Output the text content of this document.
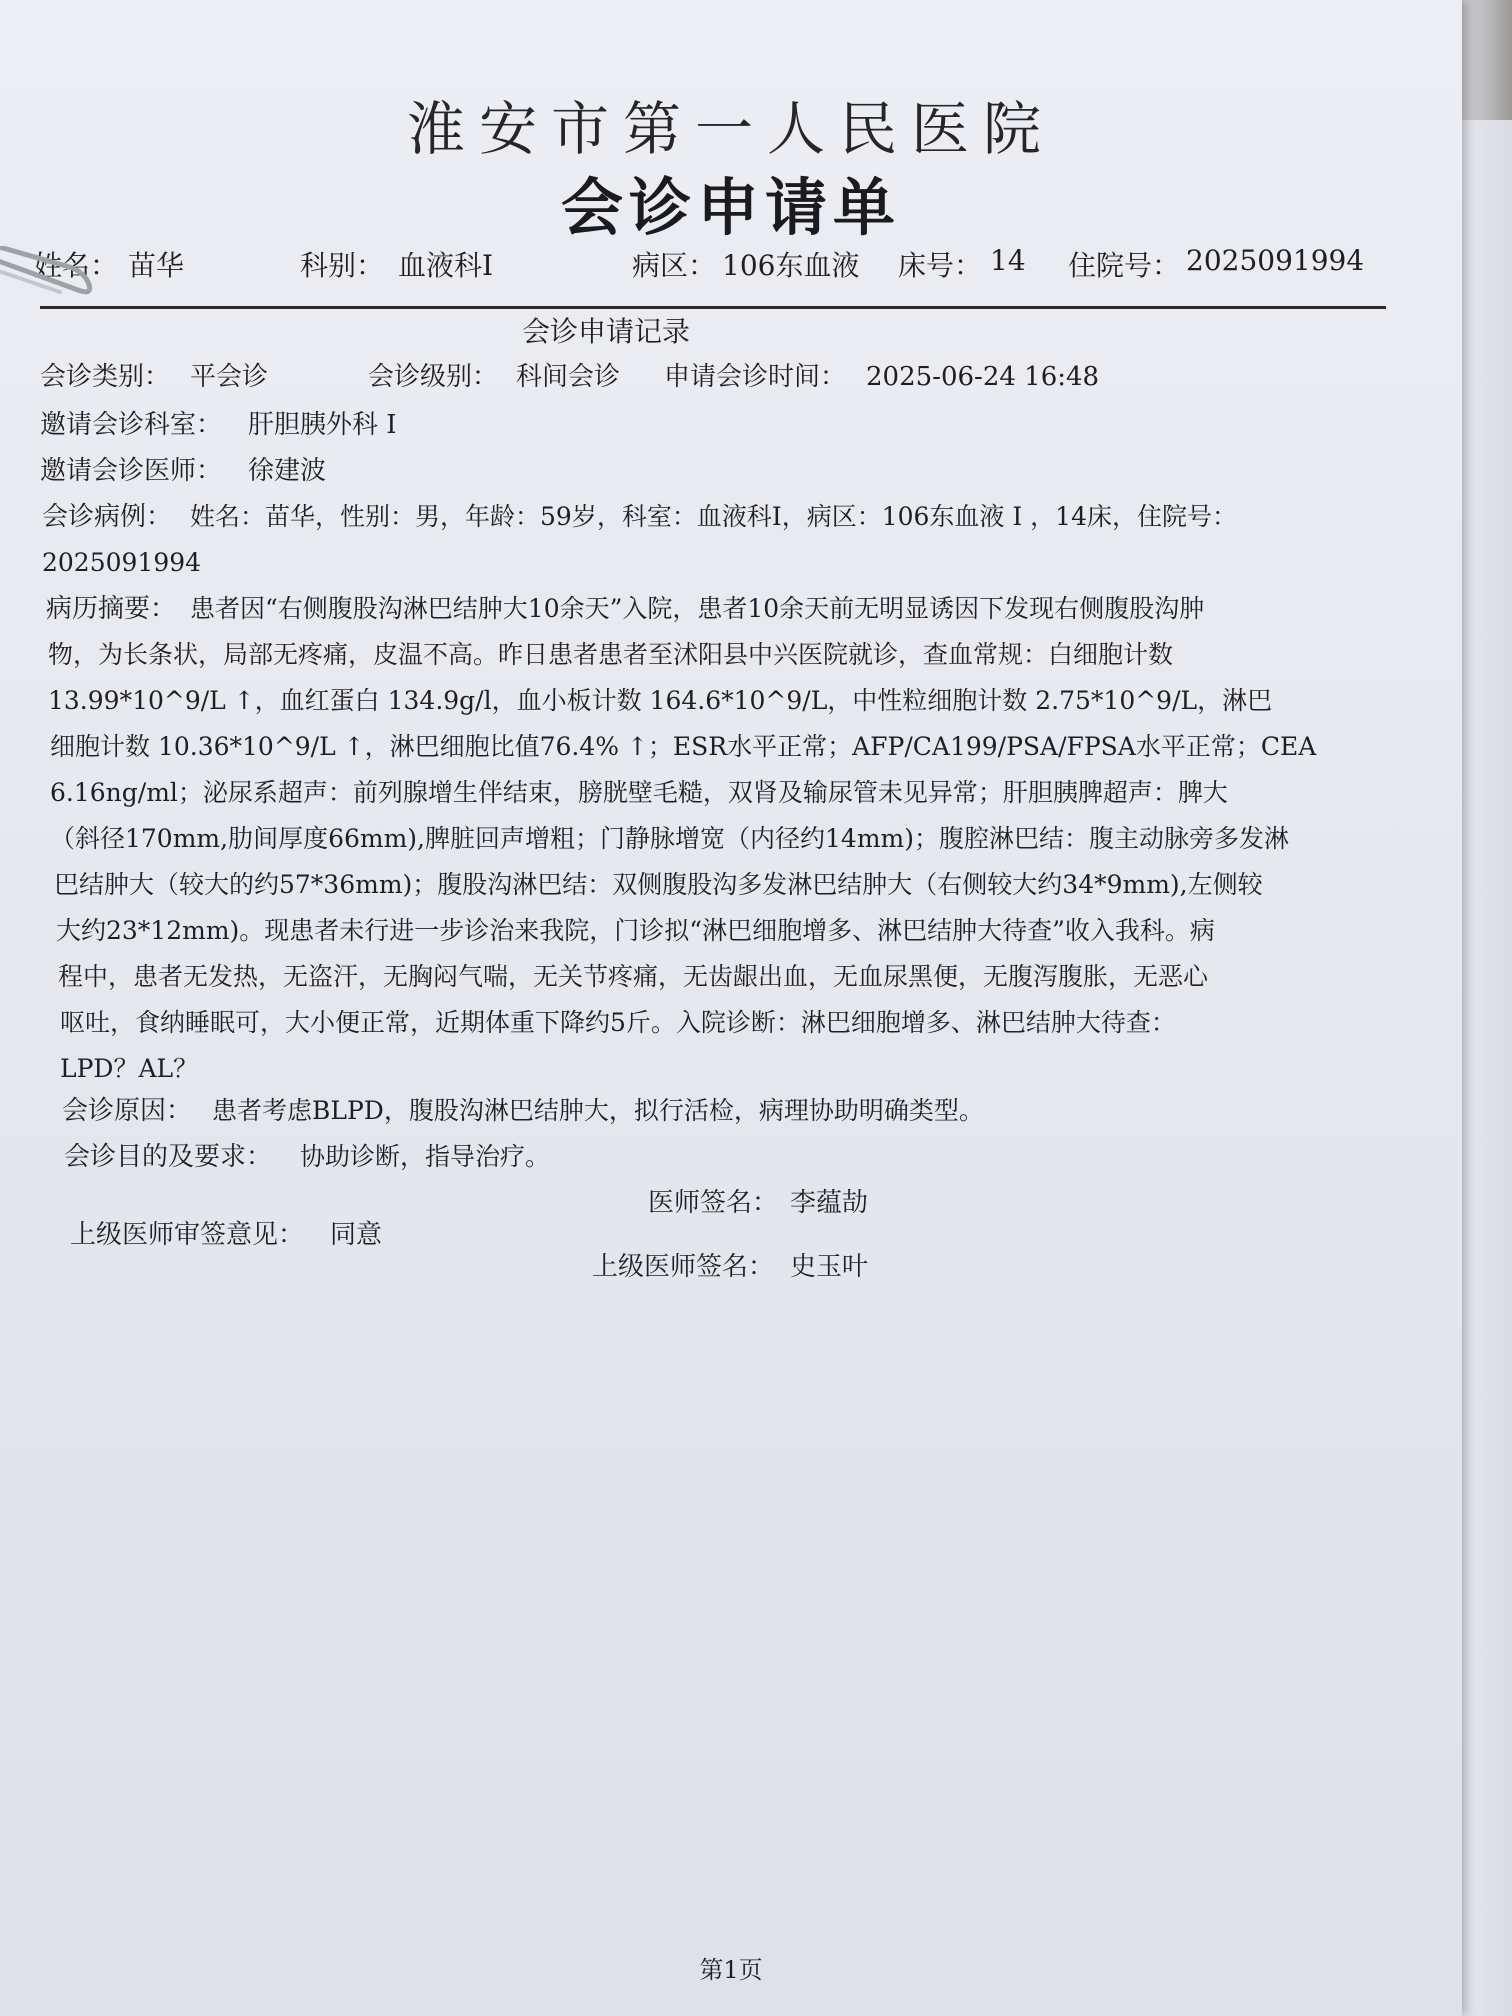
淮安市第一人民医院
会诊申请单
姓名： 苗华	科别： 血液科I	病区： 106东血液 床号： 14 住院号： 2025091994
会诊申请记录
会诊类别： 平会诊	会诊级别： 科间会诊 申请会诊时间： 2025-06-24 16:48
邀请会诊科室： 肝胆胰外科 I
邀请会诊医师： 徐建波
会诊病例： 姓名：苗华，性别：男，年龄：59岁，科室：血液科I，病区：106东血液 I ，14床，住院号：
2025091994
病历摘要： 患者因“右侧腹股沟淋巴结肿大10余天”入院，患者10余天前无明显诱因下发现右侧腹股沟肿
物，为长条状，局部无疼痛，皮温不高。昨日患者患者至沭阳县中兴医院就诊，查血常规：白细胞计数
13.99*10^9/L ↑，血红蛋白 134.9g/l，血小板计数 164.6*10^9/L，中性粒细胞计数 2.75*10^9/L，淋巴
细胞计数 10.36*10^9/L ↑，淋巴细胞比值76.4% ↑；ESR水平正常；AFP/CA199/PSA/FPSA水平正常；CEA
6.16ng/ml；泌尿系超声：前列腺增生伴结束，膀胱壁毛糙，双肾及输尿管未见异常；肝胆胰脾超声：脾大
（斜径170mm,肋间厚度66mm),脾脏回声增粗；门静脉增宽（内径约14mm)；腹腔淋巴结：腹主动脉旁多发淋
巴结肿大（较大的约57*36mm)；腹股沟淋巴结：双侧腹股沟多发淋巴结肿大（右侧较大约34*9mm),左侧较
大约23*12mm)。现患者未行进一步诊治来我院，门诊拟“淋巴细胞增多、淋巴结肿大待查”收入我科。病
程中，患者无发热，无盗汗，无胸闷气喘，无关节疼痛，无齿龈出血，无血尿黑便，无腹泻腹胀，无恶心
呕吐，食纳睡眠可，大小便正常，近期体重下降约5斤。入院诊断：淋巴细胞增多、淋巴结肿大待查：
LPD？AL？
会诊原因： 患者考虑BLPD，腹股沟淋巴结肿大，拟行活检，病理协助明确类型。
会诊目的及要求： 协助诊断，指导治疗。
医师签名： 李蕴劼
上级医师审签意见： 同意
上级医师签名： 史玉叶
第1页
